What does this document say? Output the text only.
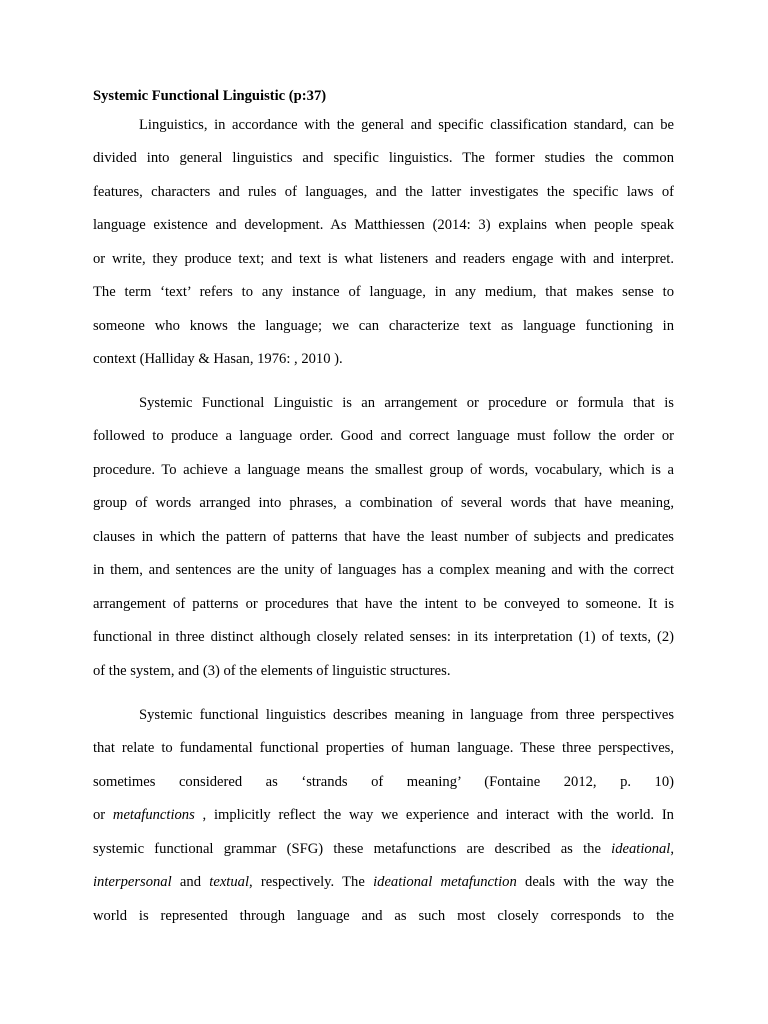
Systemic Functional Linguistic (p:37)

Linguistics, in accordance with the general and specific classification standard, can be
divided into general linguistics and specific linguistics. The former studies the common
features, characters and rules of languages, and the latter investigates the specific laws of
language existence and development. As Matthiessen (2014: 3) explains when people speak
or write, they produce text; and text is what listeners and readers engage with and interpret.
The term ‘text’ refers to any instance of language, in any medium, that makes sense to
someone who knows the language; we can characterize text as language functioning in
context (Halliday & Hasan, 1976: , 2010 ).
Systemic Functional Linguistic is an arrangement or procedure or formula that is
followed to produce a language order. Good and correct language must follow the order or
procedure. To achieve a language means the smallest group of words, vocabulary, which is a
group of words arranged into phrases, a combination of several words that have meaning,
clauses in which the pattern of patterns that have the least number of subjects and predicates
in them, and sentences are the unity of languages has a complex meaning and with the correct
arrangement of patterns or procedures that have the intent to be conveyed to someone. It is
functional in three distinct although closely related senses: in its interpretation (1) of texts, (2)
of the system, and (3) of the elements of linguistic structures.
Systemic functional linguistics describes meaning in language from three perspectives
that relate to fundamental functional properties of human language. These three perspectives,
sometimes considered as ‘strands of meaning’ (Fontaine 2012, p. 10)
or metafunctions , implicitly reflect the way we experience and interact with the world. In
systemic functional grammar (SFG) these metafunctions are described as the ideational,
interpersonal and textual, respectively. The ideational metafunction deals with the way the
world is represented through language and as such most closely corresponds to the
